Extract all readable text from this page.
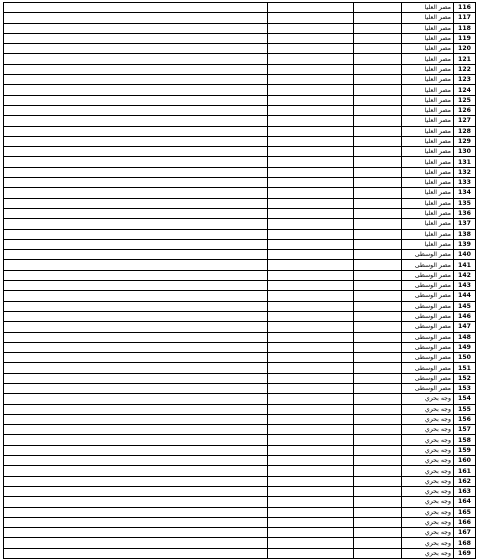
116	مصر العليا			
117	مصر العليا			
118	مصر العليا			
119	مصر العليا			
120	مصر العليا			
121	مصر العليا			
122	مصر العليا			
123	مصر العليا			
124	مصر العليا			
125	مصر العليا			
126	مصر العليا			
127	مصر العليا			
128	مصر العليا			
129	مصر العليا			
130	مصر العليا			
131	مصر العليا			
132	مصر العليا			
133	مصر العليا			
134	مصر العليا			
135	مصر العليا			
136	مصر العليا			
137	مصر العليا			
138	مصر العليا			
139	مصر العليا			
140	مصر الوسطى			
141	مصر الوسطى			
142	مصر الوسطى			
143	مصر الوسطى			
144	مصر الوسطى			
145	مصر الوسطى			
146	مصر الوسطى			
147	مصر الوسطى			
148	مصر الوسطى			
149	مصر الوسطى			
150	مصر الوسطى			
151	مصر الوسطى			
152	مصر الوسطى			
153	مصر الوسطى			
154	وجه بحري			
155	وجه بحري			
156	وجه بحري			
157	وجه بحري			
158	وجه بحري			
159	وجه بحري			
160	وجه بحري			
161	وجه بحري			
162	وجه بحري			
163	وجه بحري			
164	وجه بحري			
165	وجه بحري			
166	وجه بحري			
167	وجه بحري			
168	وجه بحري			
169	وجه بحري			
